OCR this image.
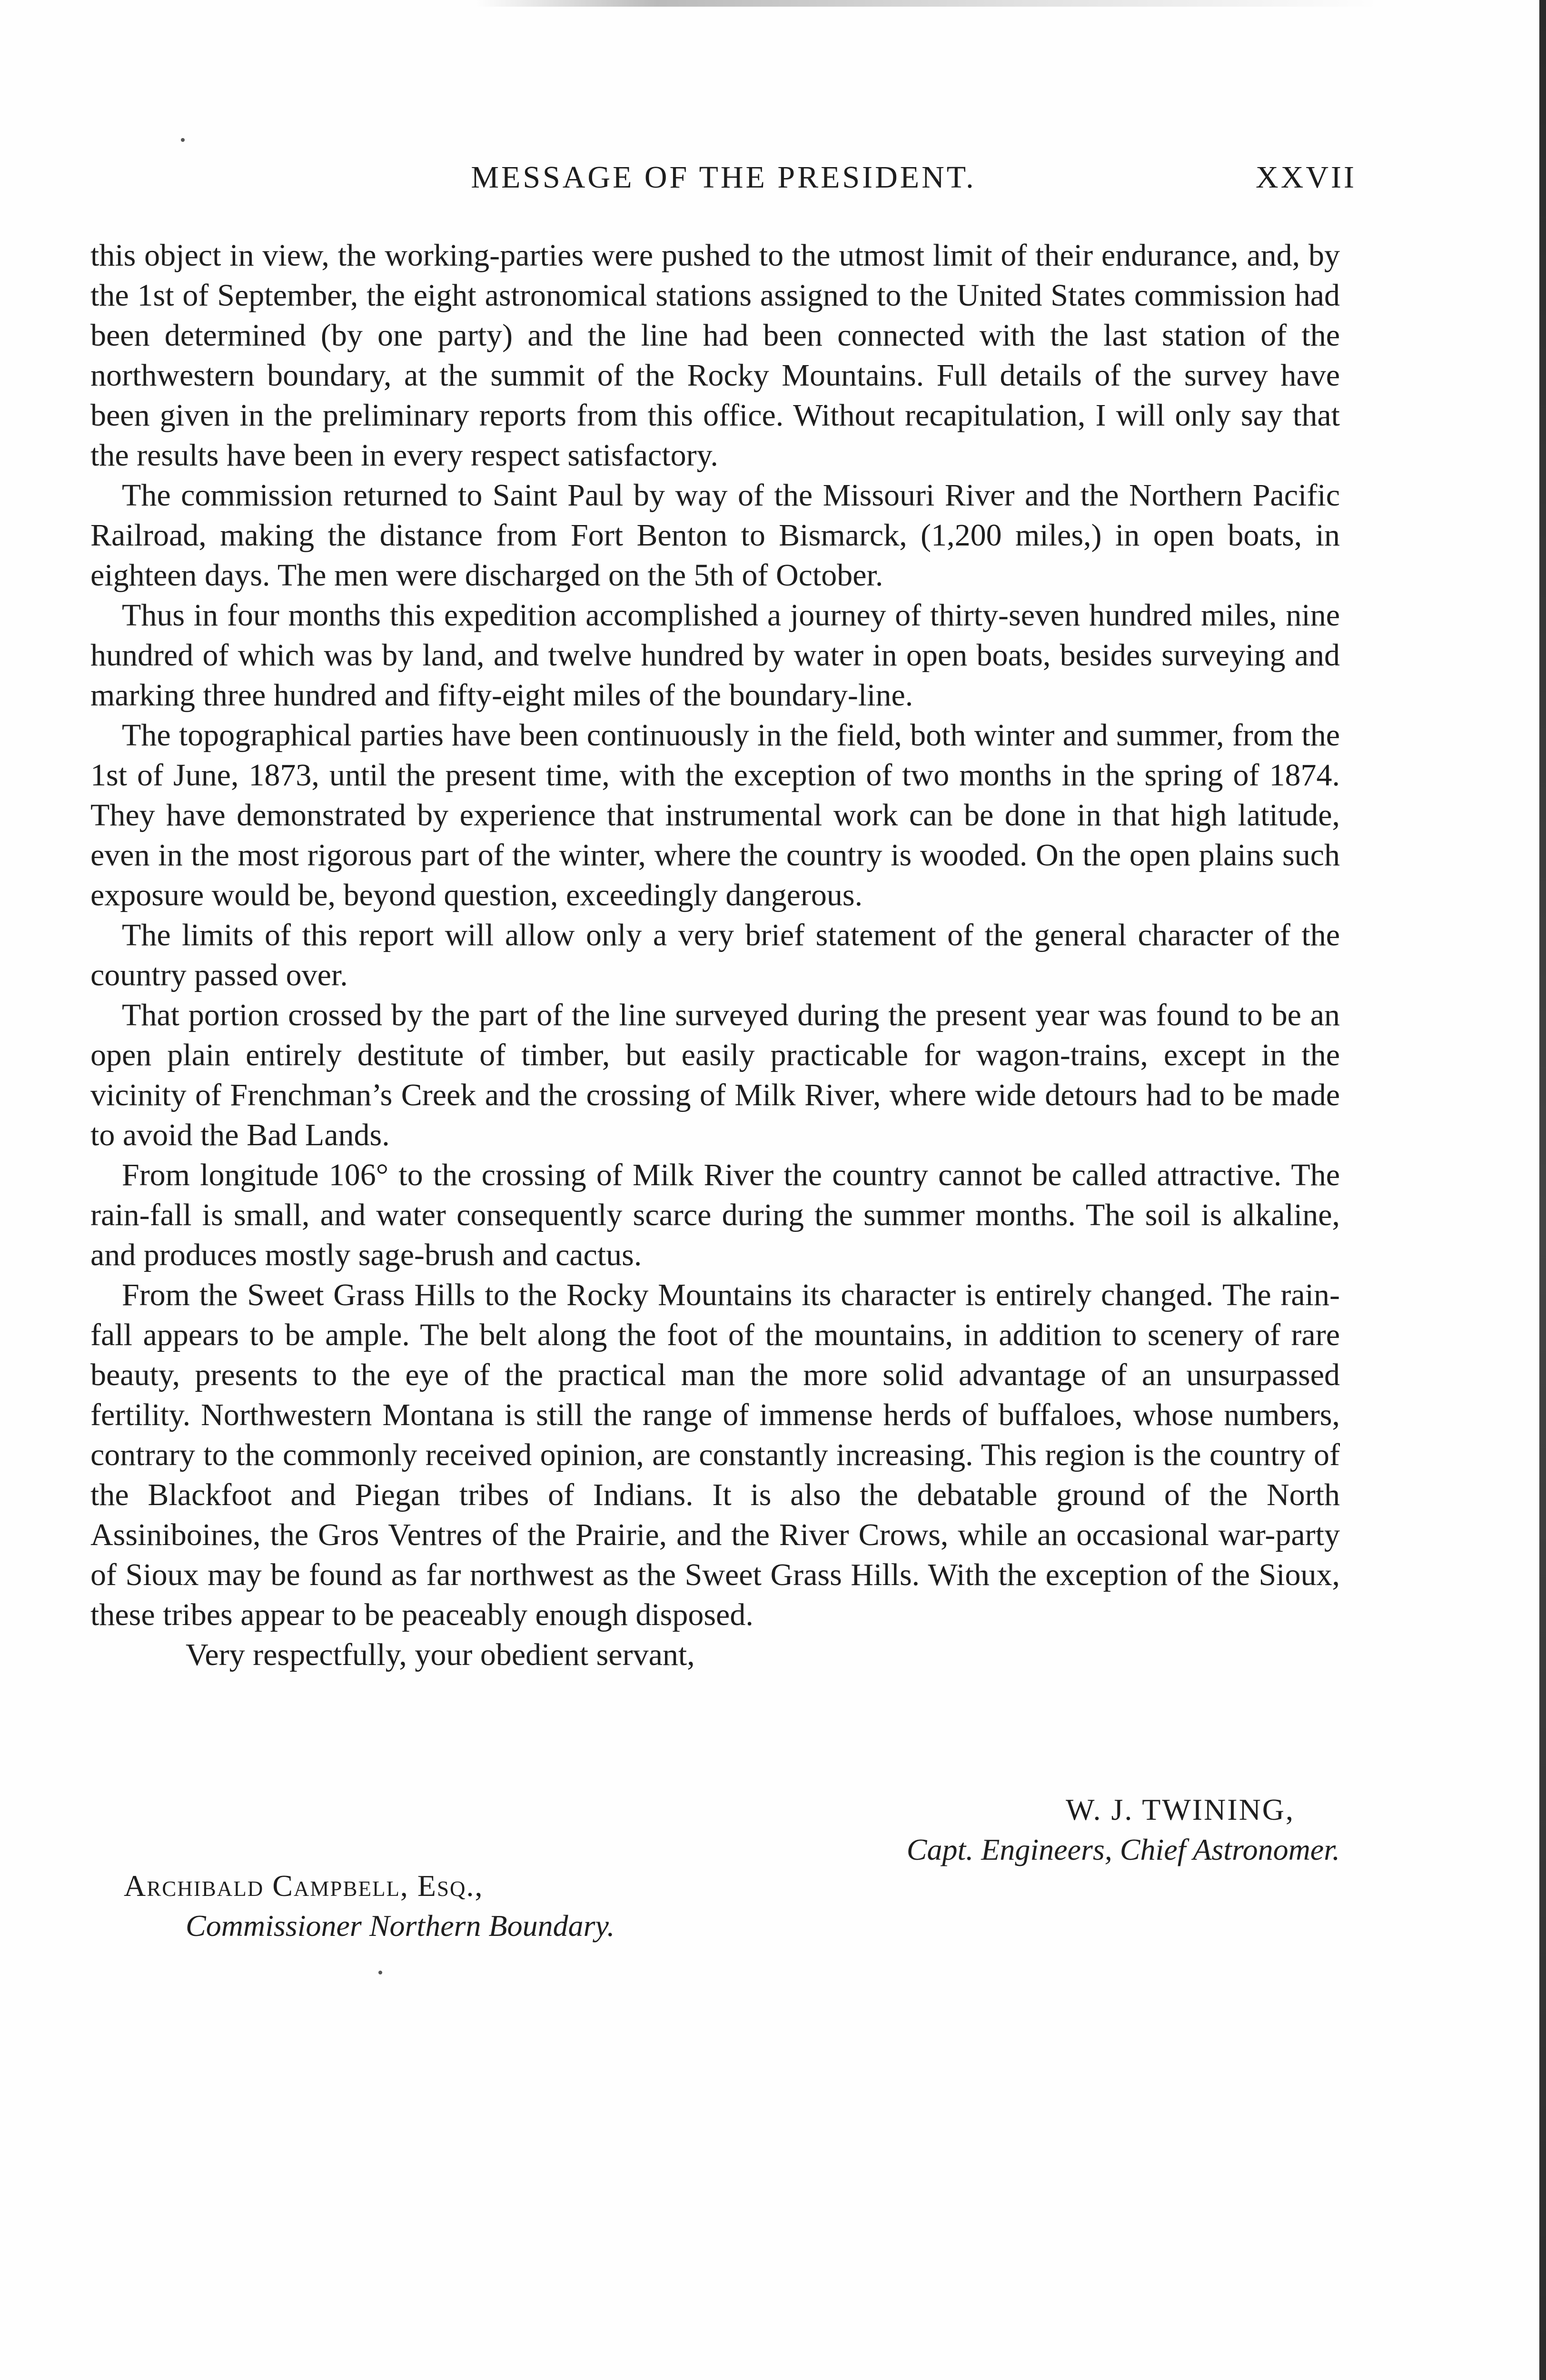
MESSAGE OF THE PRESIDENT.	XXVII

this object in view, the working-parties were pushed to the utmost limit of their endurance, and, by the 1st of September, the eight astronomical stations assigned to the United States commission had been determined (by one party) and the line had been connected with the last station of the northwestern boundary, at the summit of the Rocky Mountains. Full details of the survey have been given in the preliminary reports from this office. Without recapitulation, I will only say that the results have been in every respect satisfactory.

The commission returned to Saint Paul by way of the Missouri River and the Northern Pacific Railroad, making the distance from Fort Benton to Bismarck, (1,200 miles,) in open boats, in eighteen days. The men were discharged on the 5th of October.

Thus in four months this expedition accomplished a journey of thirty-seven hundred miles, nine hundred of which was by land, and twelve hundred by water in open boats, besides surveying and marking three hundred and fifty-eight miles of the boundary-line.

The topographical parties have been continuously in the field, both winter and summer, from the 1st of June, 1873, until the present time, with the exception of two months in the spring of 1874. They have demonstrated by experience that instrumental work can be done in that high latitude, even in the most rigorous part of the winter, where the country is wooded. On the open plains such exposure would be, beyond question, exceedingly dangerous.

The limits of this report will allow only a very brief statement of the general character of the country passed over.

That portion crossed by the part of the line surveyed during the present year was found to be an open plain entirely destitute of timber, but easily practicable for wagon-trains, except in the vicinity of Frenchman’s Creek and the crossing of Milk River, where wide detours had to be made to avoid the Bad Lands.

From longitude 106° to the crossing of Milk River the country cannot be called attractive. The rain-fall is small, and water consequently scarce during the summer months. The soil is alkaline, and produces mostly sage-brush and cactus.

From the Sweet Grass Hills to the Rocky Mountains its character is entirely changed. The rain-fall appears to be ample. The belt along the foot of the mountains, in addition to scenery of rare beauty, presents to the eye of the practical man the more solid advantage of an unsurpassed fertility. Northwestern Montana is still the range of immense herds of buffaloes, whose numbers, contrary to the commonly received opinion, are constantly increasing. This region is the country of the Blackfoot and Piegan tribes of Indians. It is also the debatable ground of the North Assiniboines, the Gros Ventres of the Prairie, and the River Crows, while an occasional war-party of Sioux may be found as far northwest as the Sweet Grass Hills. With the exception of the Sioux, these tribes appear to be peaceably enough disposed.

Very respectfully, your obedient servant,

W. J. TWINING,
Capt. Engineers, Chief Astronomer.
Archibald Campbell, Esq.,
Commissioner Northern Boundary.
